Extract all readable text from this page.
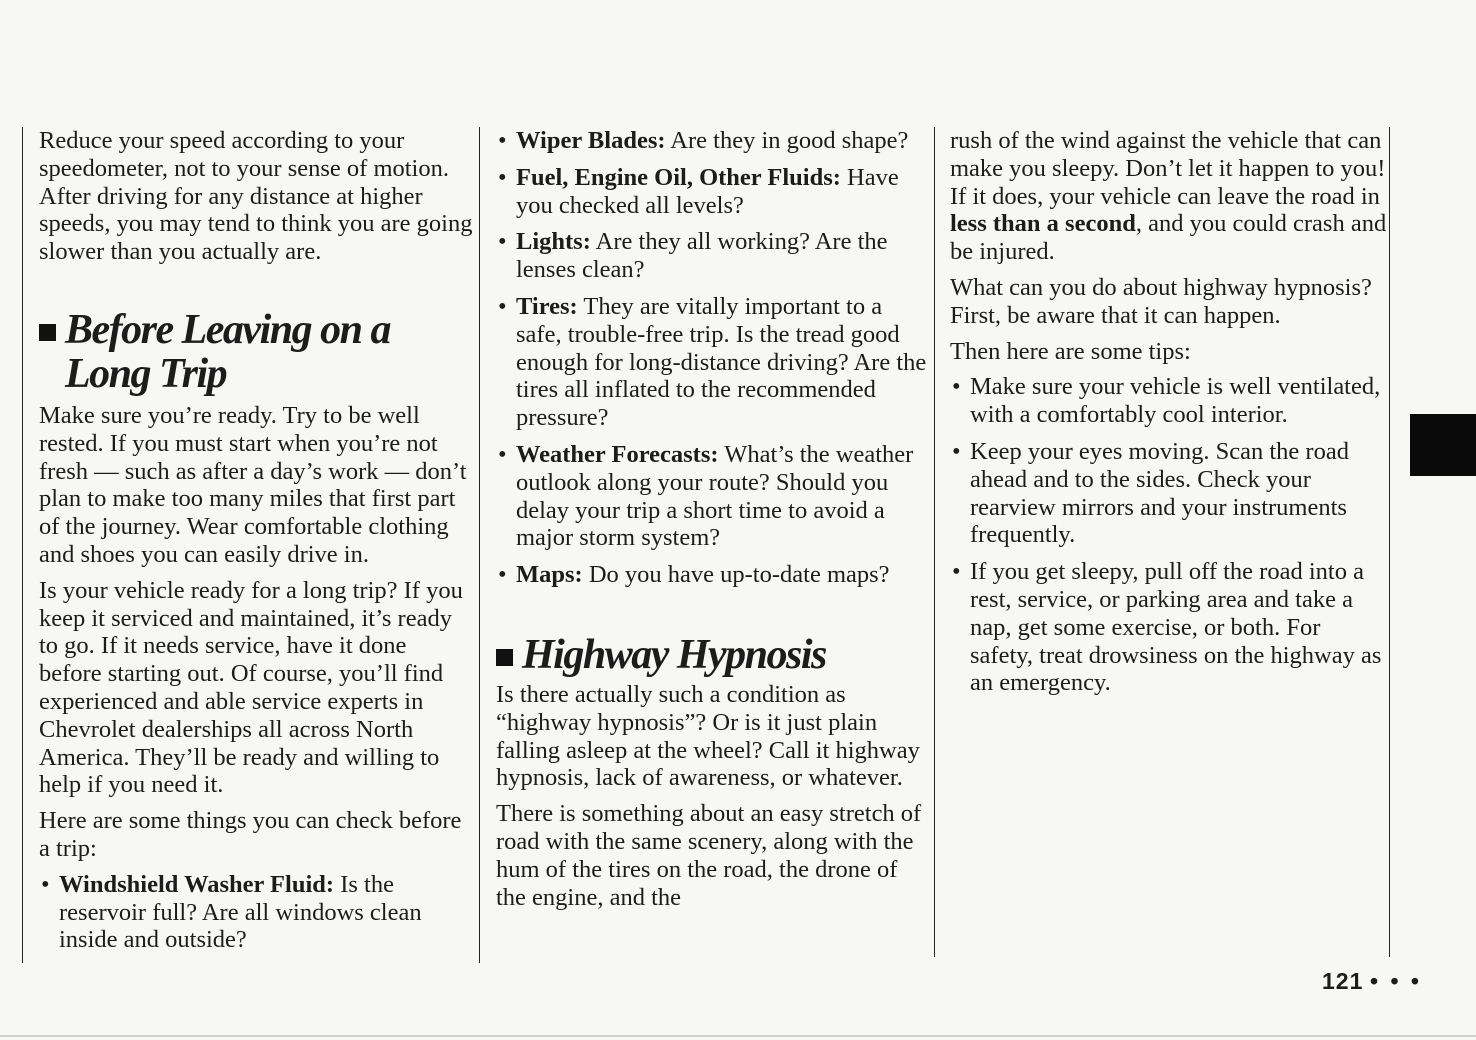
Reduce your speed according to your speedometer, not to your sense of motion. After driving for any distance at higher speeds, you may tend to think you are going slower than you actually are.

Before Leaving on a Long Trip

Make sure you’re ready. Try to be well rested. If you must start when you’re not fresh — such as after a day’s work — don’t plan to make too many miles that first part of the journey. Wear comfortable clothing and shoes you can easily drive in.

Is your vehicle ready for a long trip? If you keep it serviced and maintained, it’s ready to go. If it needs service, have it done before starting out. Of course, you’ll find experienced and able service experts in Chevrolet dealerships all across North America. They’ll be ready and willing to help if you need it.

Here are some things you can check before a trip:

• Windshield Washer Fluid: Is the reservoir full? Are all windows clean inside and outside?
• Wiper Blades: Are they in good shape?
• Fuel, Engine Oil, Other Fluids: Have you checked all levels?
• Lights: Are they all working? Are the lenses clean?
• Tires: They are vitally important to a safe, trouble-free trip. Is the tread good enough for long-distance driving? Are the tires all inflated to the recommended pressure?
• Weather Forecasts: What’s the weather outlook along your route? Should you delay your trip a short time to avoid a major storm system?
• Maps: Do you have up-to-date maps?
Highway Hypnosis

Is there actually such a condition as “highway hypnosis”? Or is it just plain falling asleep at the wheel? Call it highway hypnosis, lack of awareness, or whatever.

There is something about an easy stretch of road with the same scenery, along with the hum of the tires on the road, the drone of the engine, and the

rush of the wind against the vehicle that can make you sleepy. Don’t let it happen to you! If it does, your vehicle can leave the road in less than a second, and you could crash and be injured.

What can you do about highway hypnosis? First, be aware that it can happen.

Then here are some tips:

• Make sure your vehicle is well ventilated, with a comfortably cool interior.
• Keep your eyes moving. Scan the road ahead and to the sides. Check your rearview mirrors and your instruments frequently.
• If you get sleepy, pull off the road into a rest, service, or parking area and take a nap, get some exercise, or both. For safety, treat drowsiness on the highway as an emergency.
121 • • •
